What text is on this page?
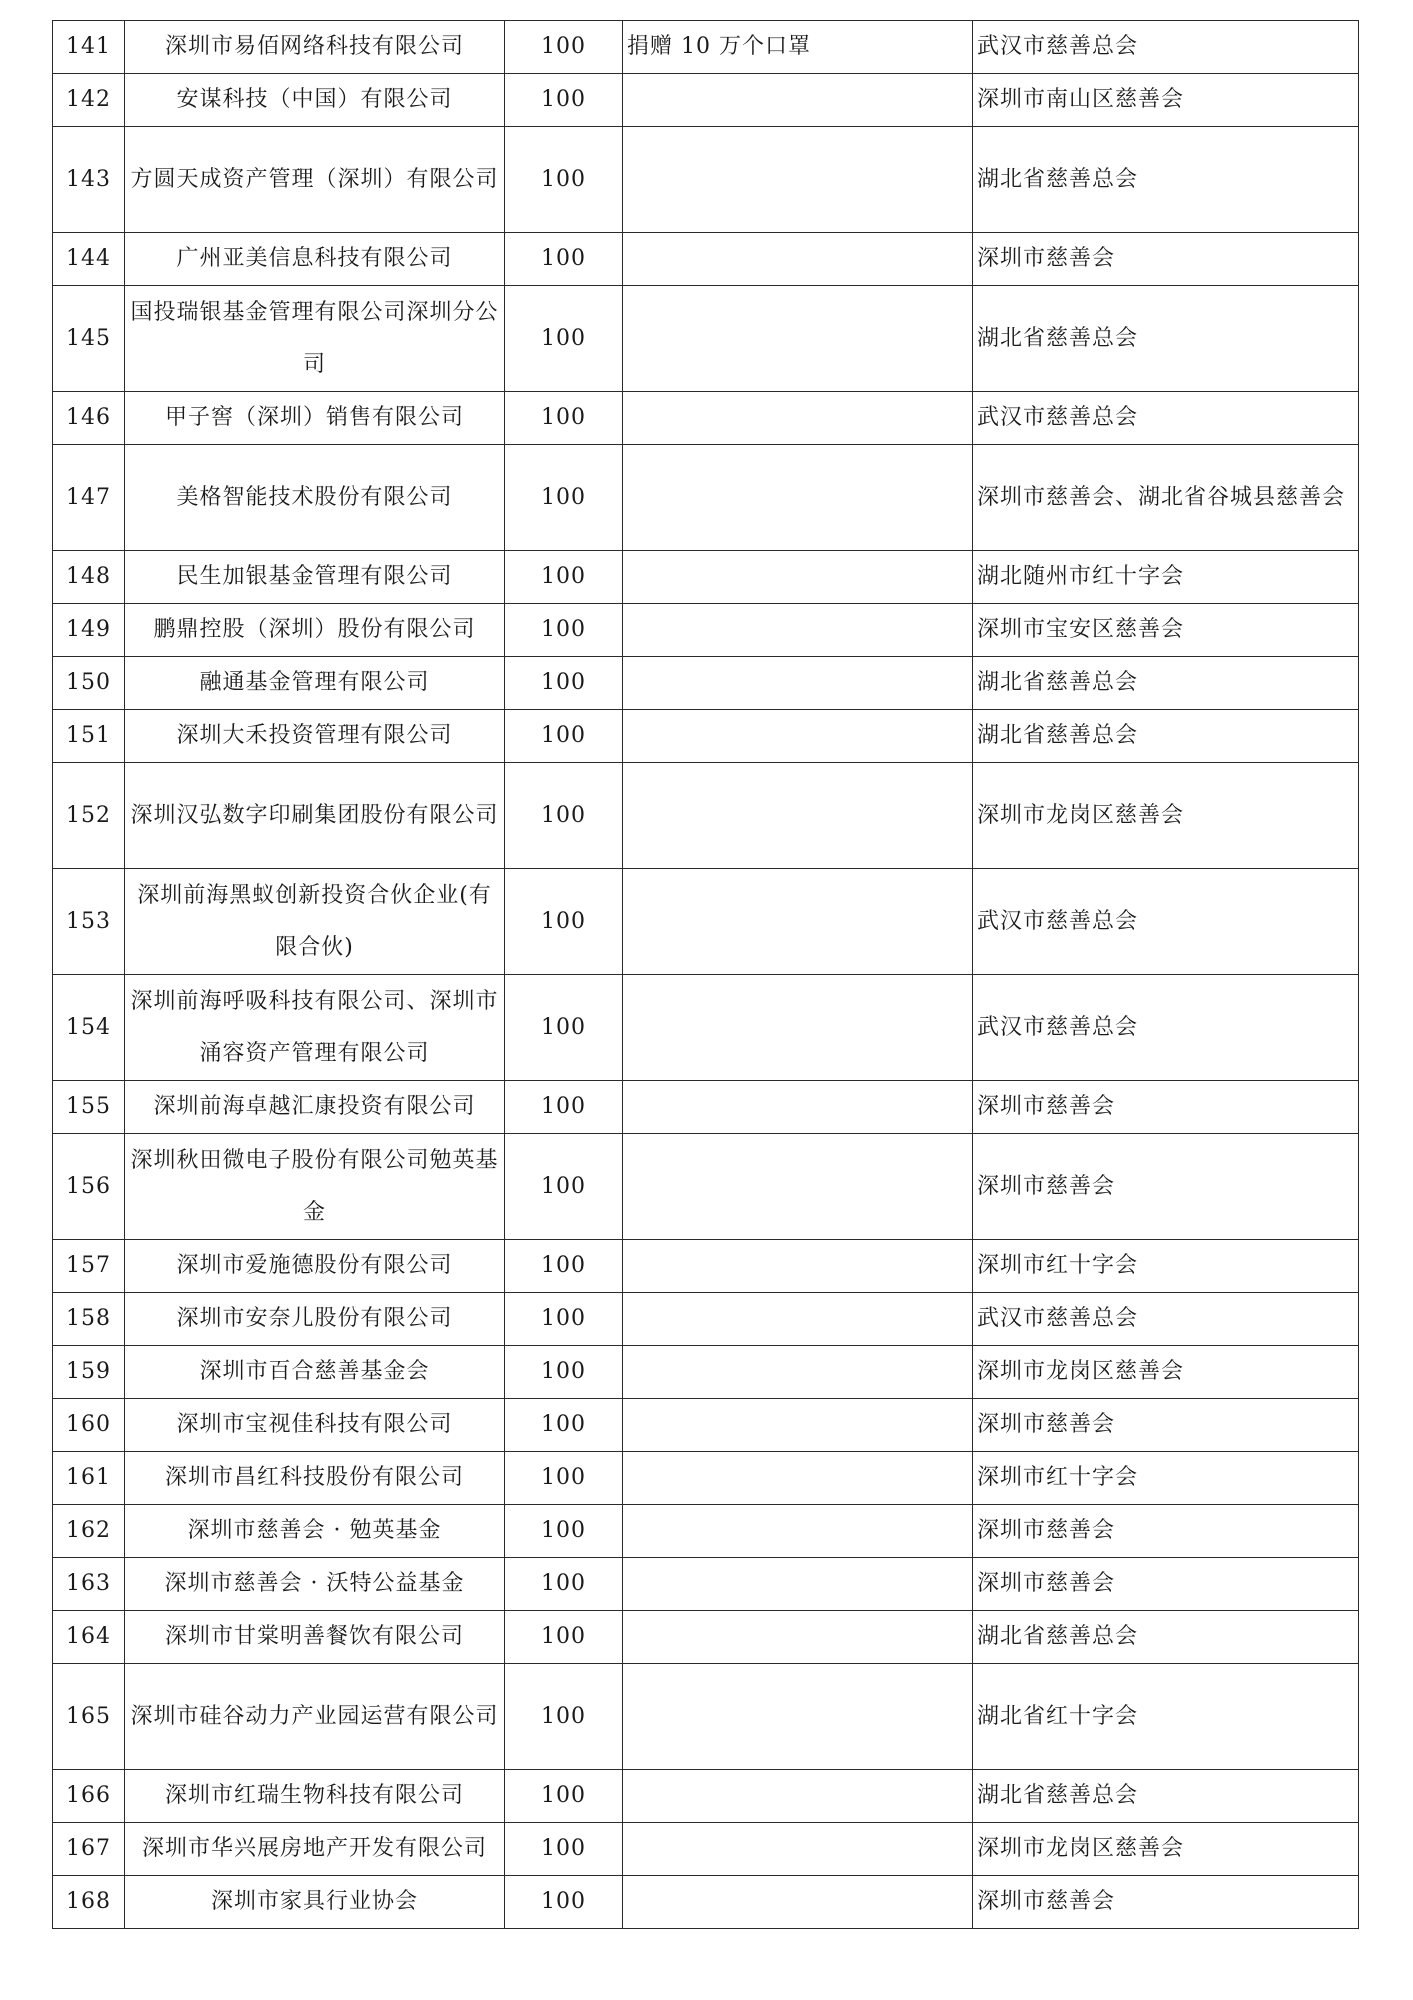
141	深圳市易佰网络科技有限公司	100	捐赠 10 万个口罩	武汉市慈善总会
142	安谋科技（中国）有限公司	100		深圳市南山区慈善会
143	方圆天成资产管理（深圳）有限公司	100		湖北省慈善总会
144	广州亚美信息科技有限公司	100		深圳市慈善会
145	国投瑞银基金管理有限公司深圳分公司	100		湖北省慈善总会
146	甲子窖（深圳）销售有限公司	100		武汉市慈善总会
147	美格智能技术股份有限公司	100		深圳市慈善会、湖北省谷城县慈善会
148	民生加银基金管理有限公司	100		湖北随州市红十字会
149	鹏鼎控股（深圳）股份有限公司	100		深圳市宝安区慈善会
150	融通基金管理有限公司	100		湖北省慈善总会
151	深圳大禾投资管理有限公司	100		湖北省慈善总会
152	深圳汉弘数字印刷集团股份有限公司	100		深圳市龙岗区慈善会
153	深圳前海黑蚁创新投资合伙企业(有限合伙)	100		武汉市慈善总会
154	深圳前海呼吸科技有限公司、深圳市涌容资产管理有限公司	100		武汉市慈善总会
155	深圳前海卓越汇康投资有限公司	100		深圳市慈善会
156	深圳秋田微电子股份有限公司勉英基金	100		深圳市慈善会
157	深圳市爱施德股份有限公司	100		深圳市红十字会
158	深圳市安奈儿股份有限公司	100		武汉市慈善总会
159	深圳市百合慈善基金会	100		深圳市龙岗区慈善会
160	深圳市宝视佳科技有限公司	100		深圳市慈善会
161	深圳市昌红科技股份有限公司	100		深圳市红十字会
162	深圳市慈善会 · 勉英基金	100		深圳市慈善会
163	深圳市慈善会 · 沃特公益基金	100		深圳市慈善会
164	深圳市甘棠明善餐饮有限公司	100		湖北省慈善总会
165	深圳市硅谷动力产业园运营有限公司	100		湖北省红十字会
166	深圳市红瑞生物科技有限公司	100		湖北省慈善总会
167	深圳市华兴展房地产开发有限公司	100		深圳市龙岗区慈善会
168	深圳市家具行业协会	100		深圳市慈善会
